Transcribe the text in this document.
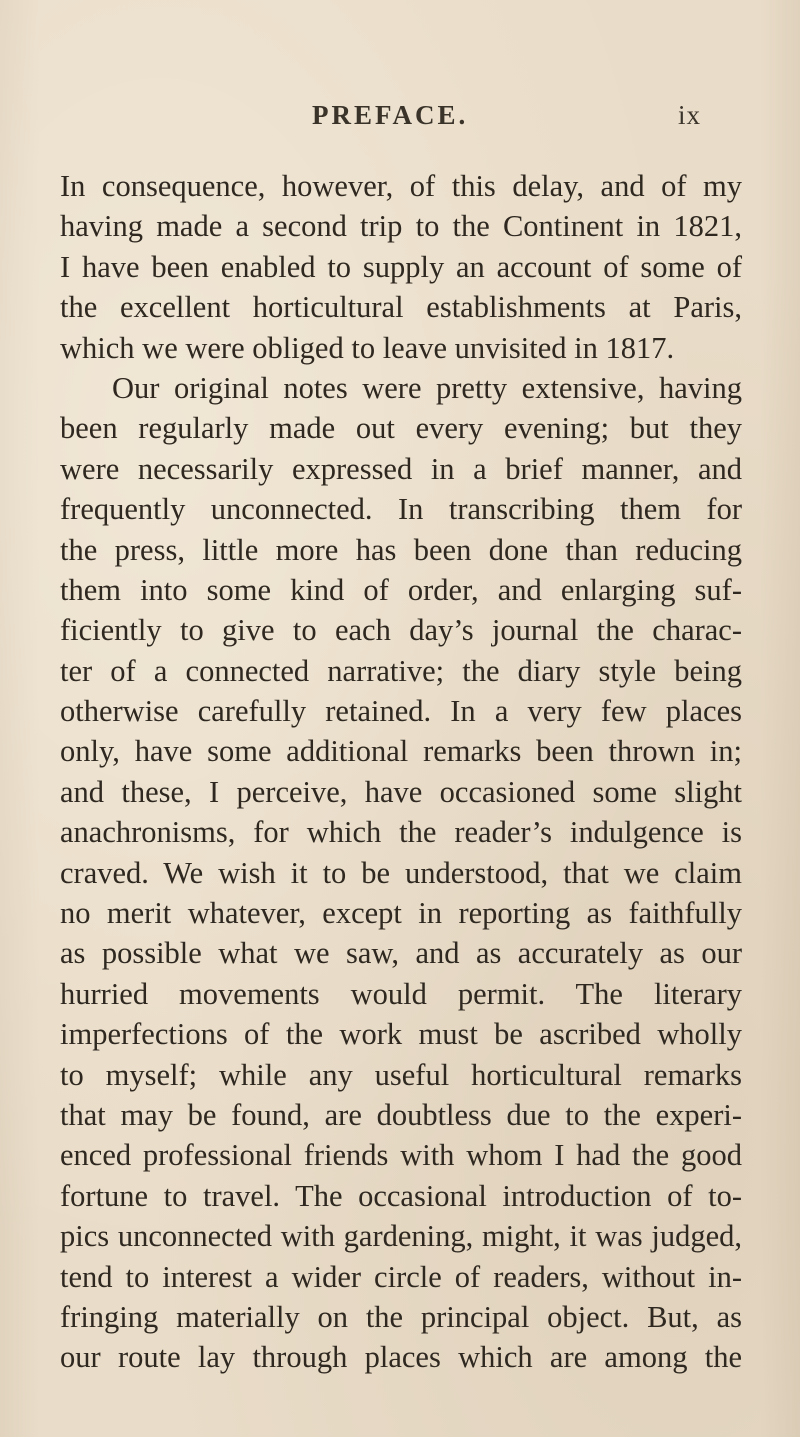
PREFACE.	ix
In consequence, however, of this delay, and of my
having made a second trip to the Continent in 1821,
I have been enabled to supply an account of some of
the excellent horticultural establishments at Paris,
which we were obliged to leave unvisited in 1817.
Our original notes were pretty extensive, having
been regularly made out every evening; but they
were necessarily expressed in a brief manner, and
frequently unconnected. In transcribing them for
the press, little more has been done than reducing
them into some kind of order, and enlarging suf-
ficiently to give to each day’s journal the charac-
ter of a connected narrative; the diary style being
otherwise carefully retained. In a very few places
only, have some additional remarks been thrown in;
and these, I perceive, have occasioned some slight
anachronisms, for which the reader’s indulgence is
craved. We wish it to be understood, that we claim
no merit whatever, except in reporting as faithfully
as possible what we saw, and as accurately as our
hurried movements would permit. The literary
imperfections of the work must be ascribed wholly
to myself; while any useful horticultural remarks
that may be found, are doubtless due to the experi-
enced professional friends with whom I had the good
fortune to travel. The occasional introduction of to-
pics unconnected with gardening, might, it was judged,
tend to interest a wider circle of readers, without in-
fringing materially on the principal object. But, as
our route lay through places which are among the
